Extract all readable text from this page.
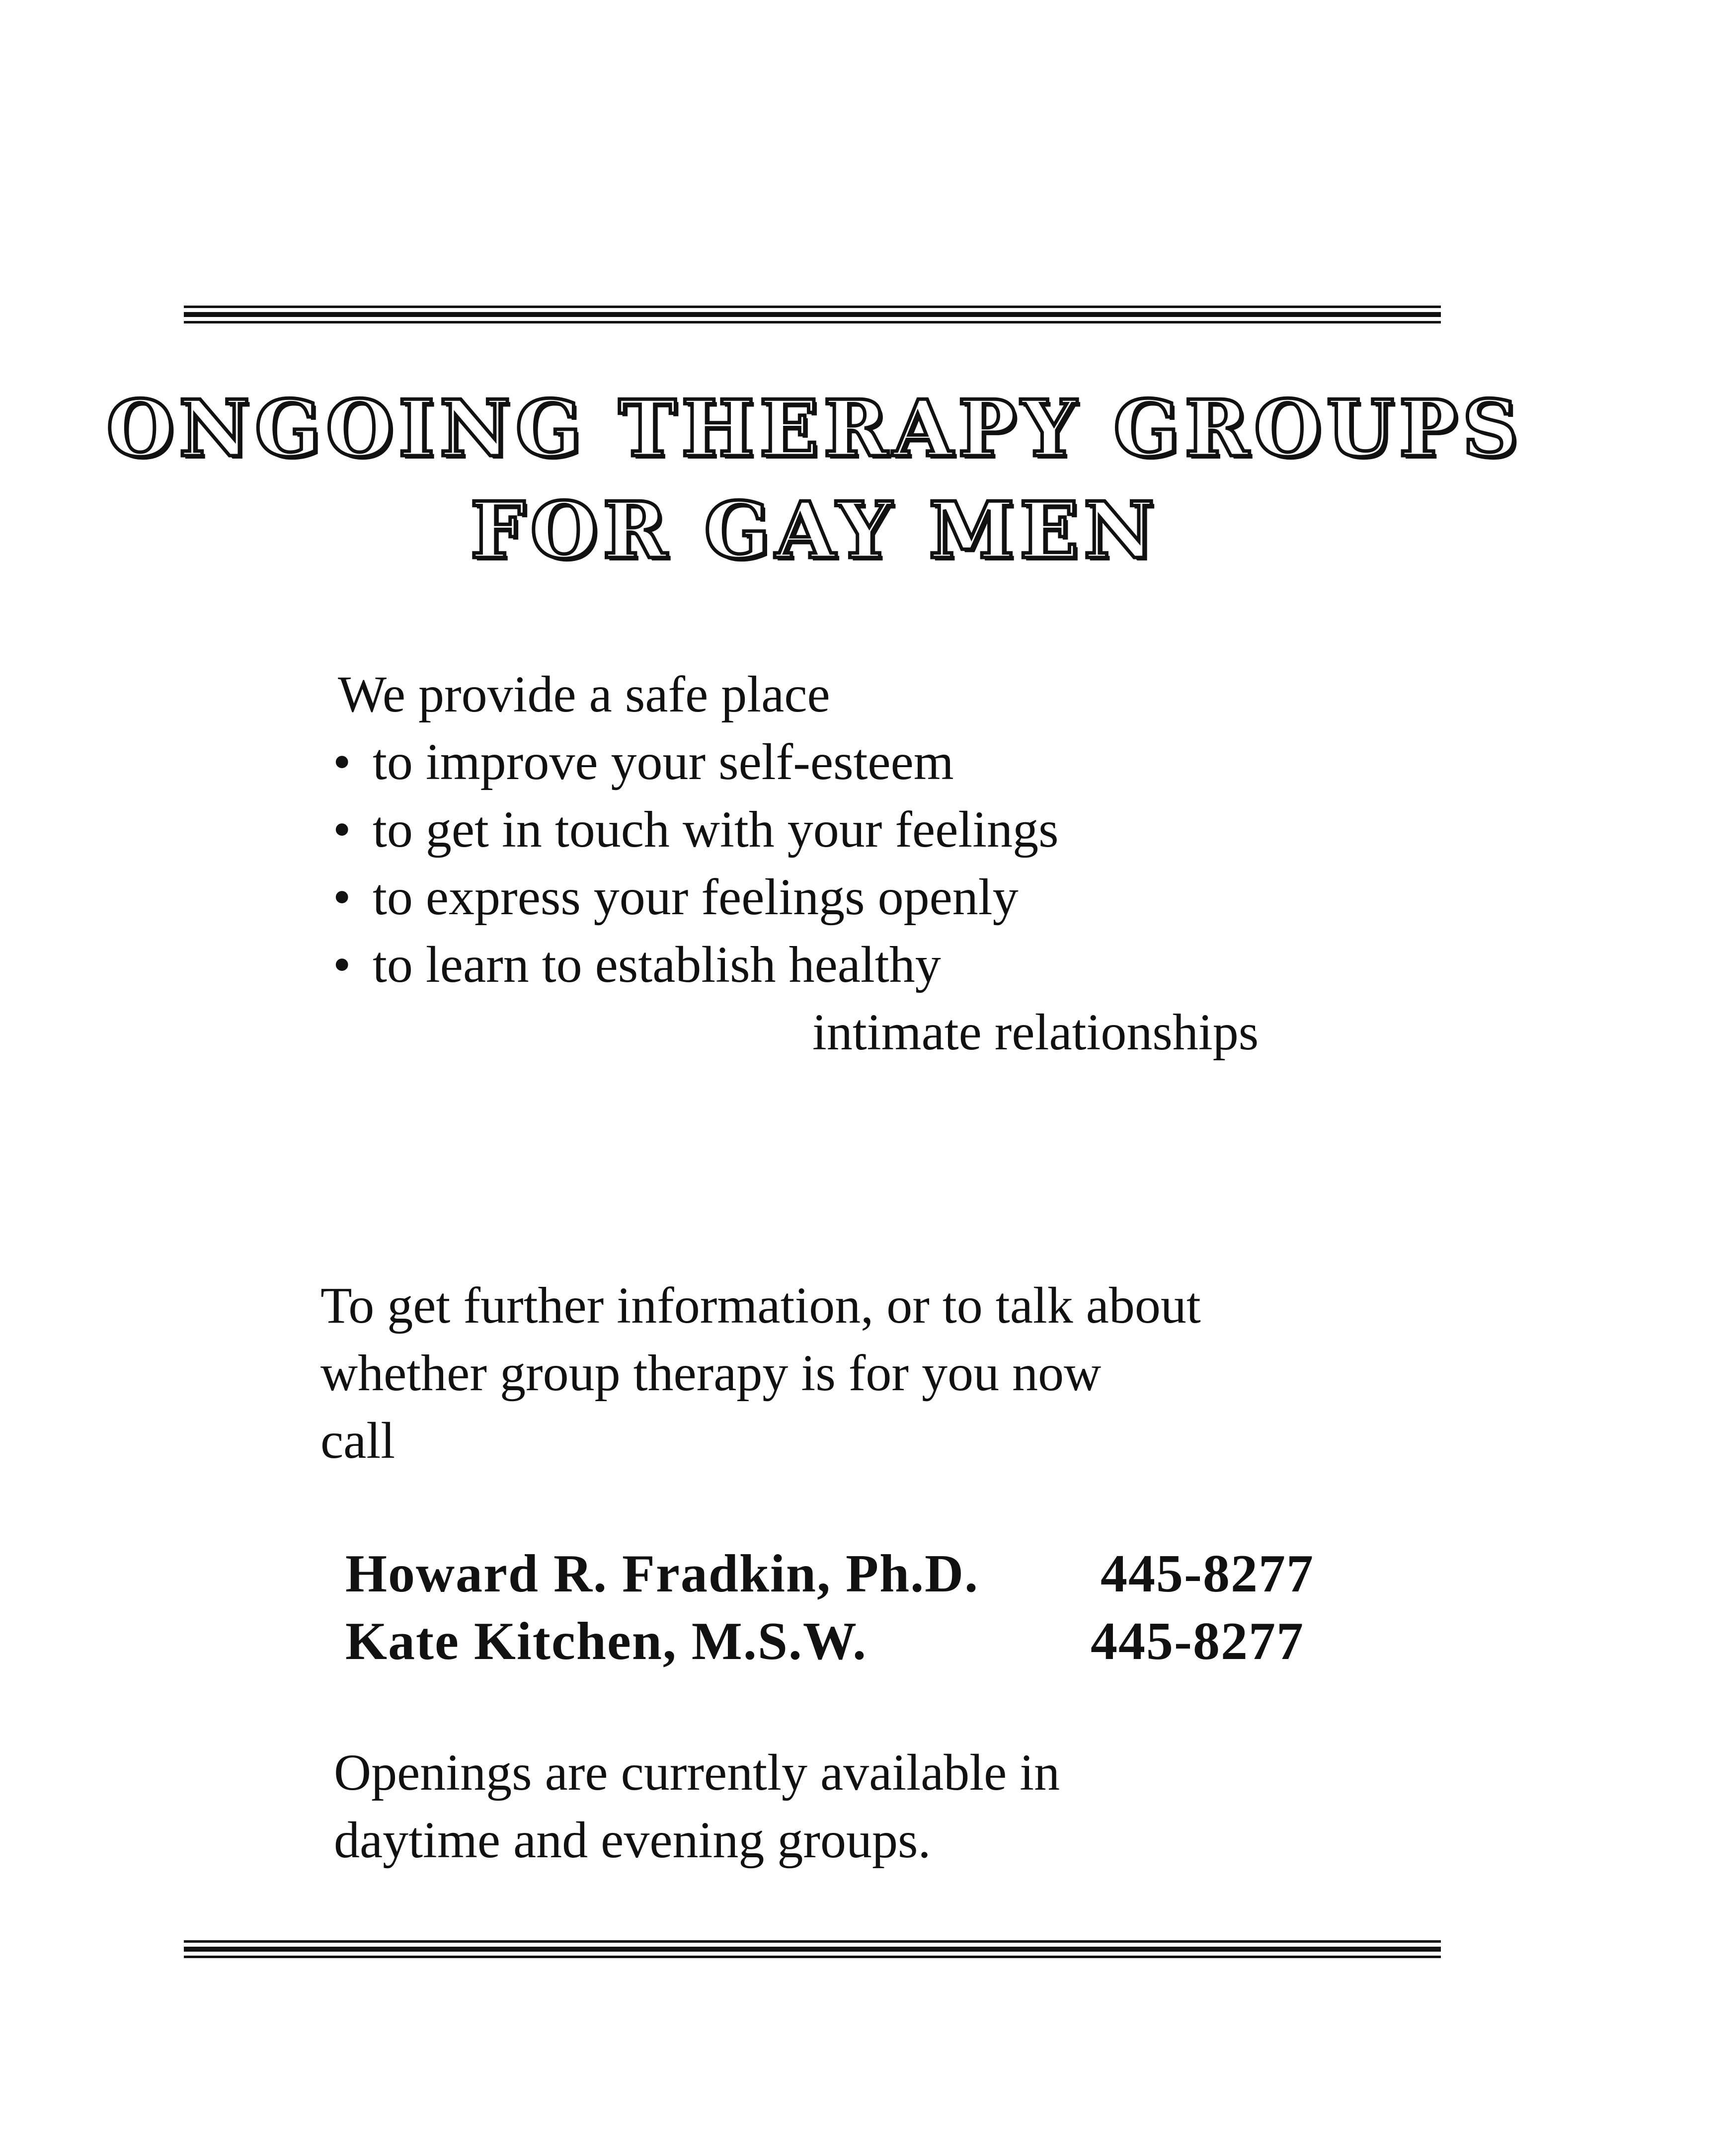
ONGOING THERAPY GROUPS
FOR GAY MEN
We provide a safe place
• to improve your self-esteem
• to get in touch with your feelings
• to express your feelings openly
• to learn to establish healthy
intimate relationships
To get further information, or to talk about
whether group therapy is for you now
call
Howard R. Fradkin, Ph.D. 445-8277
Kate Kitchen, M.S.W.	445-8277
Openings are currently available in
daytime and evening groups.
